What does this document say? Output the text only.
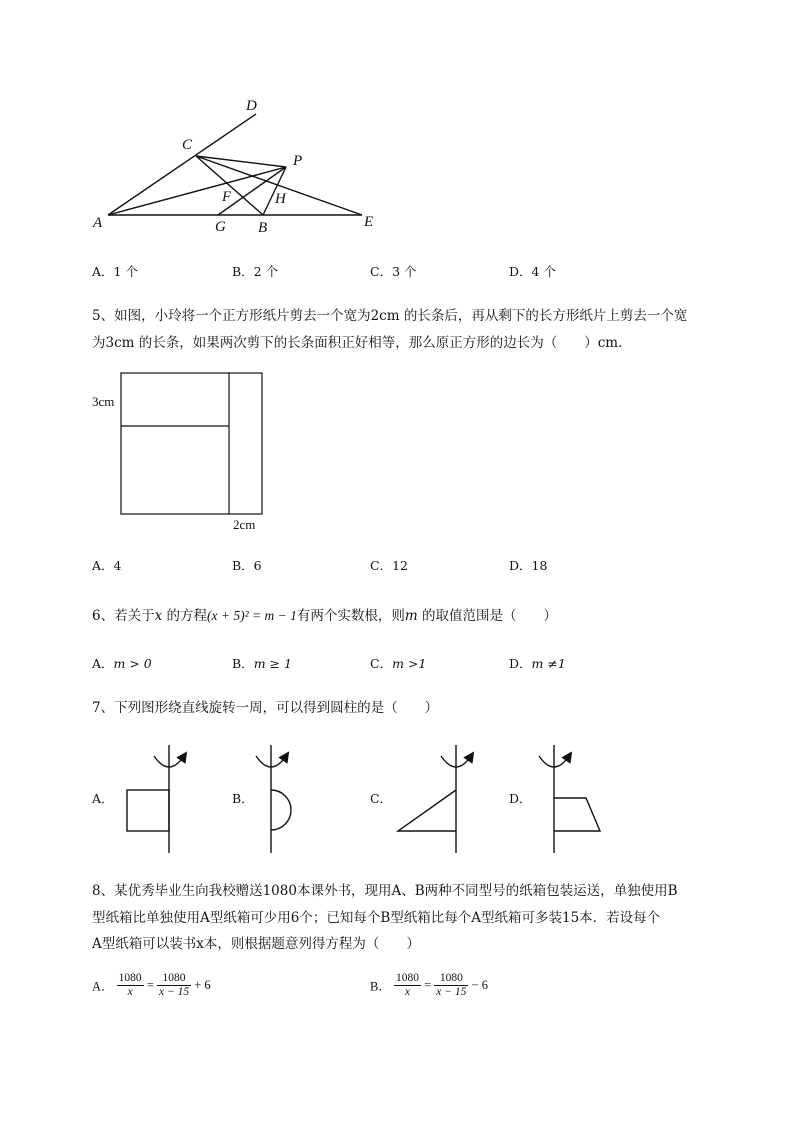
D
C
P
F	H
A	G B	E
A．1 个	B．2 个	C．3 个	D．4 个
5、如图，小玲将一个正方形纸片剪去一个宽为2cm 的长条后，再从剩下的长方形纸片上剪去一个宽
为3cm 的长条，如果两次剪下的长条面积正好相等，那么原正方形的边长为（　　）cm．
3cm
2cm
A．4	B．6	C．12	D．18
6、若关于x 的方程(x + 5)² = m − 1有两个实数根，则m 的取值范围是（　　）
A．m > 0	B．m ≥ 1	C．m >1	D．m ≠1
7、下列图形绕直线旋转一周，可以得到圆柱的是（　　）
A．	B．	C．	D．
8、某优秀毕业生向我校赠送1080本课外书，现用A、B两种不同型号的纸箱包装运送，单独使用B
型纸箱比单独使用A型纸箱可少用6个；已知每个B型纸箱比每个A型纸箱可多装15本．若设每个
A型纸箱可以装书x本，则根据题意列得方程为（　　）
A． $\frac{1080}{x} = \frac{1080}{x - 15} + 6$	B． $\frac{1080}{x} = \frac{1080}{x - 15} - 6$
